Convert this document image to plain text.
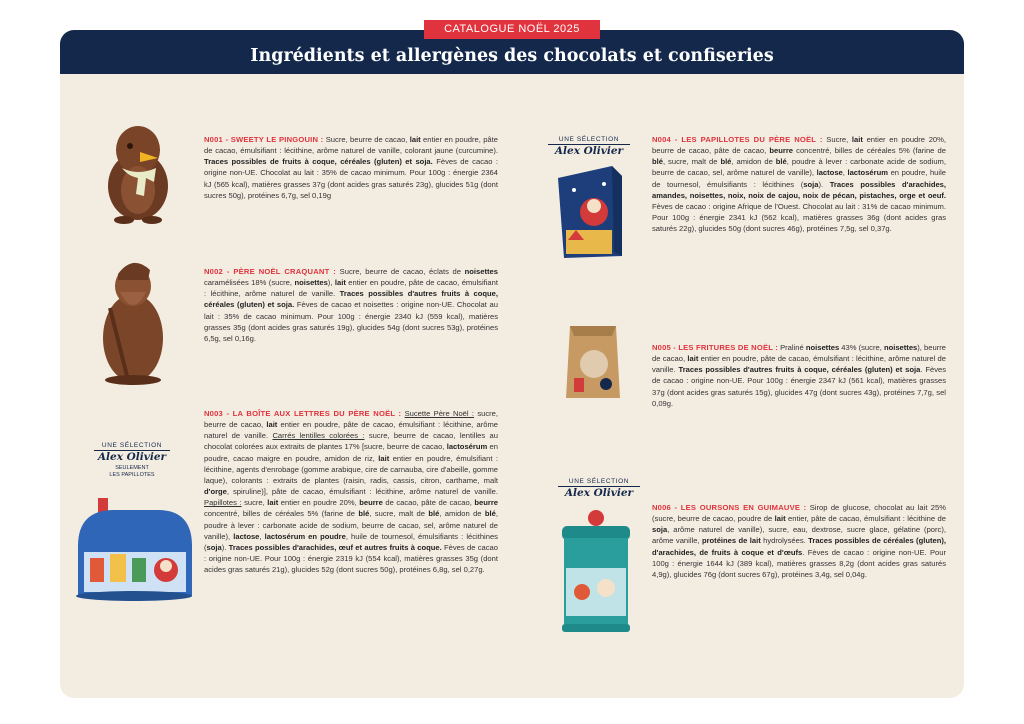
CATALOGUE NOËL 2025
Ingrédients et allergènes des chocolats et confiseries
N001 - SWEETY LE PINGOUIN : Sucre, beurre de cacao, lait entier en poudre, pâte de cacao, émulsifiant : lécithine, arôme naturel de vanille, colorant jaune (curcumine). Traces possibles de fruits à coque, céréales (gluten) et soja. Fèves de cacao : origine non-UE. Chocolat au lait : 35% de cacao minimum. Pour 100g : énergie 2364 kJ (565 kcal), matières grasses 37g (dont acides gras saturés 23g), glucides 51g (dont sucres 50g), protéines 6,7g, sel 0,19g
N002 - PÈRE NOËL CRAQUANT : Sucre, beurre de cacao, éclats de noisettes caramélisées 18% (sucre, noisettes), lait entier en poudre, pâte de cacao, émulsifiant : lécithine, arôme naturel de vanille. Traces possibles d'autres fruits à coque, céréales (gluten) et soja. Fèves de cacao et noisettes : origine non-UE. Chocolat au lait : 35% de cacao minimum. Pour 100g : énergie 2340 kJ (559 kcal), matières grasses 35g (dont acides gras saturés 19g), glucides 54g (dont sucres 53g), protéines 6,5g, sel 0,16g.
UNE SÉLECTION
Alex Olivier
SEULEMENT
LES PAPILLOTES
N003 - LA BOÎTE AUX LETTRES DU PÈRE NOËL : Sucette Père Noël : sucre, beurre de cacao, lait entier en poudre, pâte de cacao, émulsifiant : lécithine, arôme naturel de vanille. Carrés lentilles colorées : sucre, beurre de cacao, lentilles au chocolat colorées aux extraits de plantes 17% [sucre, beurre de cacao, lactosérum en poudre, cacao maigre en poudre, amidon de riz, lait entier en poudre, émulsifiant : lécithine, agents d'enrobage (gomme arabique, cire de carnauba, cire d'abeille, gomme laque), colorants : extraits de plantes (raisin, radis, cassis, citron, carthame, malt d'orge, spiruline)], pâte de cacao, émulsifiant : lécithine, arôme naturel de vanille. Papillotes : sucre, lait entier en poudre 20%, beurre de cacao, pâte de cacao, beurre concentré, billes de céréales 5% (farine de blé, sucre, malt de blé, amidon de blé, poudre à lever : carbonate acide de sodium, beurre de cacao, sel, arôme naturel de vanille), lactose, lactosérum en poudre, huile de tournesol, émulsifiants : lécithines (soja). Traces possibles d'arachides, œuf et autres fruits à coque. Fèves de cacao : origine non-UE. Pour 100g : énergie 2319 kJ (554 kcal), matières grasses 35g (dont acides gras saturés 21g), glucides 52g (dont sucres 50g), protéines 6,8g, sel 0,27g.
UNE SÉLECTION
Alex Olivier
N004 - LES PAPILLOTES DU PÈRE NOËL : Sucre, lait entier en poudre 20%, beurre de cacao, pâte de cacao, beurre concentré, billes de céréales 5% (farine de blé, sucre, malt de blé, amidon de blé, poudre à lever : carbonate acide de sodium, beurre de cacao, sel, arôme naturel de vanille), lactose, lactosérum en poudre, huile de tournesol, émulsifiants : lécithines (soja). Traces possibles d'arachides, amandes, noisettes, noix, noix de cajou, noix de pécan, pistaches, orge et oeuf. Fèves de cacao : origine Afrique de l'Ouest. Chocolat au lait : 31% de cacao minimum. Pour 100g : énergie 2341 kJ (562 kcal), matières grasses 36g (dont acides gras saturés 22g), glucides 50g (dont sucres 46g), protéines 7,5g, sel 0,37g.
N005 - LES FRITURES DE NOËL : Praliné noisettes 43% (sucre, noisettes), beurre de cacao, lait entier en poudre, pâte de cacao, émulsifiant : lécithine, arôme naturel de vanille. Traces possibles d'autres fruits à coque, céréales (gluten) et soja. Fèves de cacao : origine non-UE. Pour 100g : énergie 2347 kJ (561 kcal), matières grasses 37g (dont acides gras saturés 15g), glucides 47g (dont sucres 43g), protéines 7,7g, sel 0,09g.
UNE SÉLECTION
Alex Olivier
N006 - LES OURSONS EN GUIMAUVE : Sirop de glucose, chocolat au lait 25% (sucre, beurre de cacao, poudre de lait entier, pâte de cacao, émulsifiant : lécithine de soja, arôme naturel de vanille), sucre, eau, dextrose, sucre glace, gélatine (porc), arôme vanille, protéines de lait hydrolysées. Traces possibles de céréales (gluten), d'arachides, de fruits à coque et d'œufs. Fèves de cacao : origine non-UE. Pour 100g : énergie 1644 kJ (389 kcal), matières grasses 8,2g (dont acides gras saturés 4,9g), glucides 76g (dont sucres 67g), protéines 3,4g, sel 0,04g.
